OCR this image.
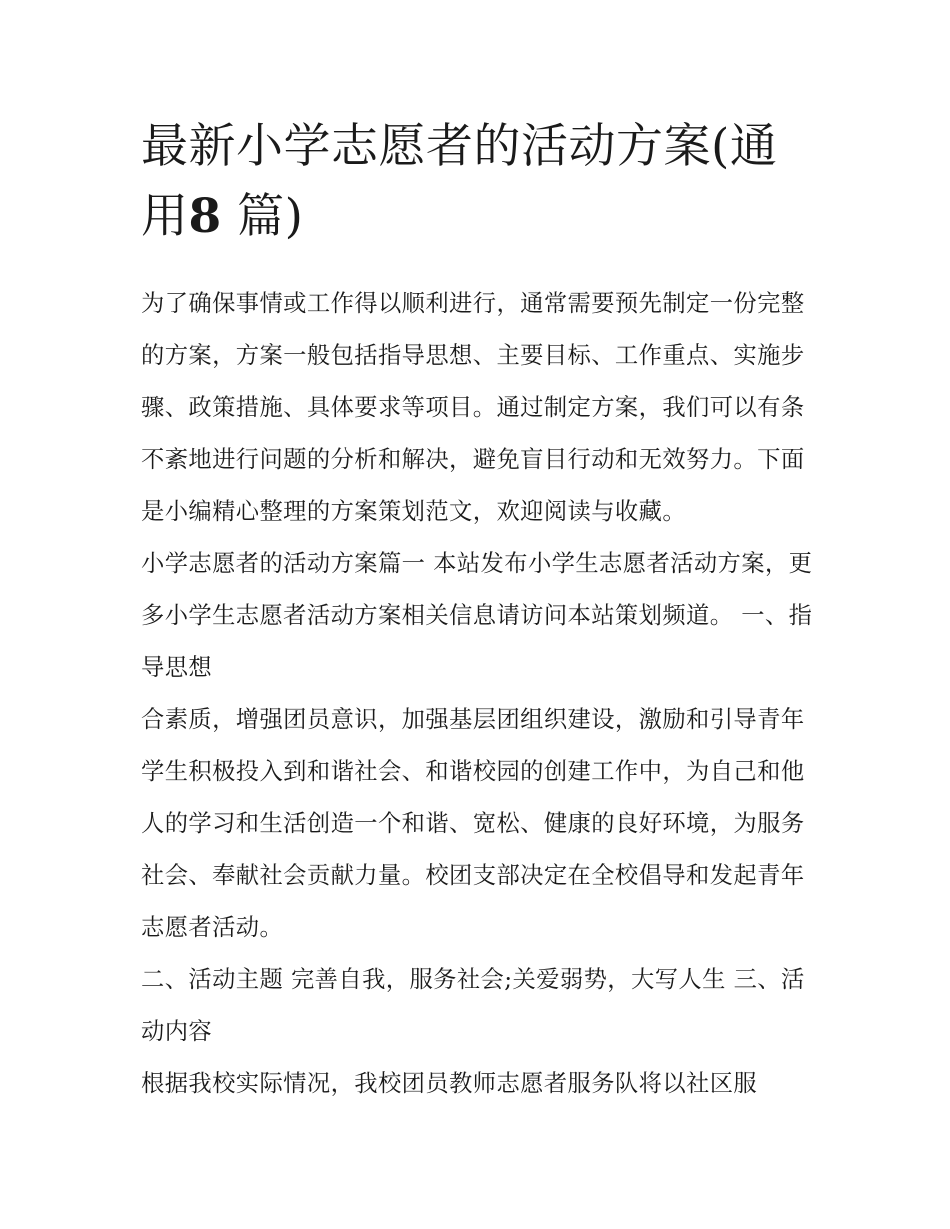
最新小学志愿者的活动方案(通用8 篇)

为了确保事情或工作得以顺利进行，通常需要预先制定一份完整的方案，方案一般包括指导思想、主要目标、工作重点、实施步骤、政策措施、具体要求等项目。通过制定方案，我们可以有条不紊地进行问题的分析和解决，避免盲目行动和无效努力。下面是小编精心整理的方案策划范文，欢迎阅读与收藏。

小学志愿者的活动方案篇一 本站发布小学生志愿者活动方案，更多小学生志愿者活动方案相关信息请访问本站策划频道。 一、指导思想

合素质，增强团员意识，加强基层团组织建设，激励和引导青年学生积极投入到和谐社会、和谐校园的创建工作中，为自己和他人的学习和生活创造一个和谐、宽松、健康的良好环境，为服务社会、奉献社会贡献力量。校团支部决定在全校倡导和发起青年志愿者活动。

二、活动主题 完善自我，服务社会;关爱弱势，大写人生 三、活动内容

根据我校实际情况，我校团员教师志愿者服务队将以社区服
